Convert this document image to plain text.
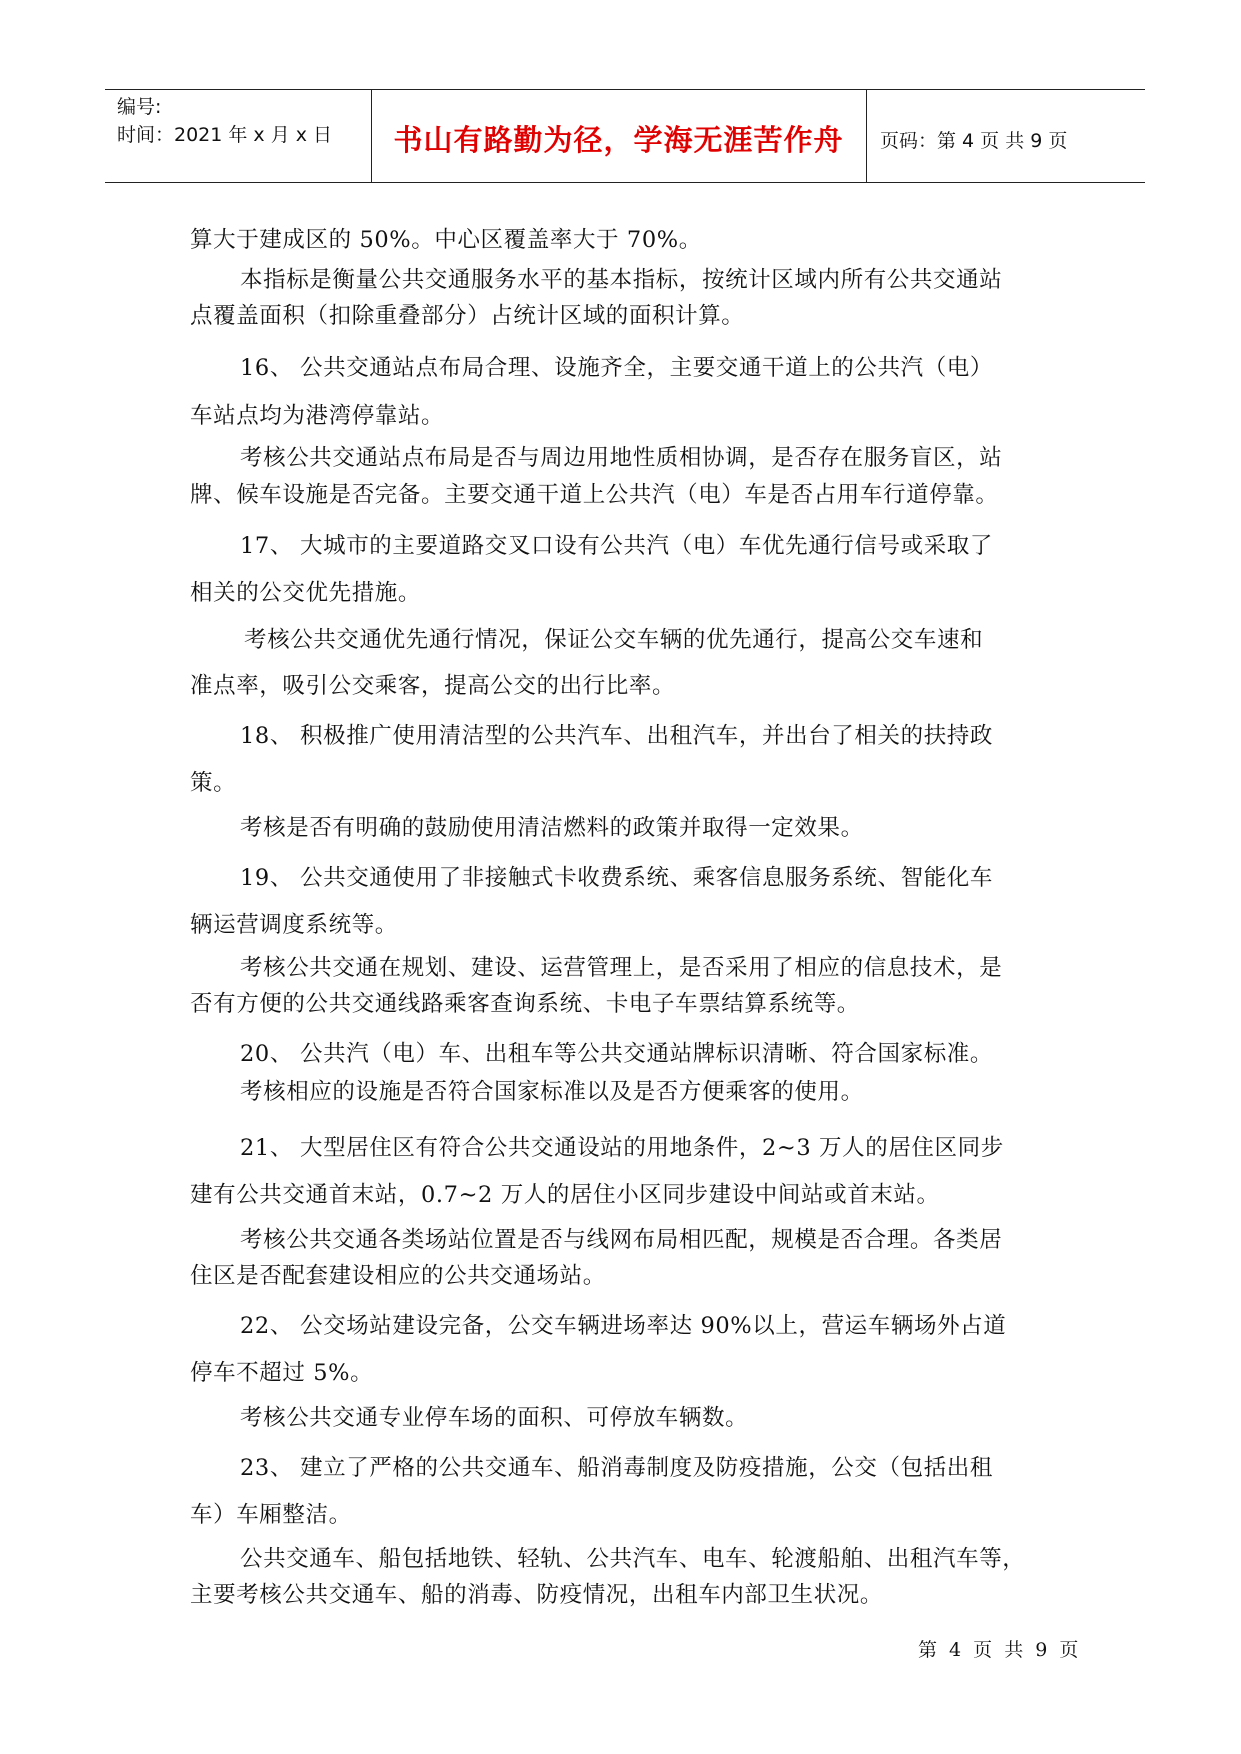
编号:
时间：2021 年 x 月 x 日	书山有路勤为径，学海无涯苦作舟	页码：第 4 页 共 9 页
算大于建成区的 50%。中心区覆盖率大于 70%。
本指标是衡量公共交通服务水平的基本指标，按统计区域内所有公共交通站
点覆盖面积（扣除重叠部分）占统计区域的面积计算。
16、 公共交通站点布局合理、设施齐全，主要交通干道上的公共汽（电）
车站点均为港湾停靠站。
考核公共交通站点布局是否与周边用地性质相协调，是否存在服务盲区，站
牌、候车设施是否完备。主要交通干道上公共汽（电）车是否占用车行道停靠。
17、 大城市的主要道路交叉口设有公共汽（电）车优先通行信号或采取了
相关的公交优先措施。
考核公共交通优先通行情况，保证公交车辆的优先通行，提高公交车速和
准点率，吸引公交乘客，提高公交的出行比率。
18、 积极推广使用清洁型的公共汽车、出租汽车，并出台了相关的扶持政
策。
考核是否有明确的鼓励使用清洁燃料的政策并取得一定效果。
19、 公共交通使用了非接触式卡收费系统、乘客信息服务系统、智能化车
辆运营调度系统等。
考核公共交通在规划、建设、运营管理上，是否采用了相应的信息技术，是
否有方便的公共交通线路乘客查询系统、卡电子车票结算系统等。
20、 公共汽（电）车、出租车等公共交通站牌标识清晰、符合国家标准。
考核相应的设施是否符合国家标准以及是否方便乘客的使用。
21、 大型居住区有符合公共交通设站的用地条件，2~3 万人的居住区同步
建有公共交通首末站，0.7~2 万人的居住小区同步建设中间站或首末站。
考核公共交通各类场站位置是否与线网布局相匹配，规模是否合理。各类居
住区是否配套建设相应的公共交通场站。
22、 公交场站建设完备，公交车辆进场率达 90%以上，营运车辆场外占道
停车不超过 5%。
考核公共交通专业停车场的面积、可停放车辆数。
23、 建立了严格的公共交通车、船消毒制度及防疫措施，公交（包括出租
车）车厢整洁。
公共交通车、船包括地铁、轻轨、公共汽车、电车、轮渡船舶、出租汽车等，
主要考核公共交通车、船的消毒、防疫情况，出租车内部卫生状况。
第 4 页 共 9 页
